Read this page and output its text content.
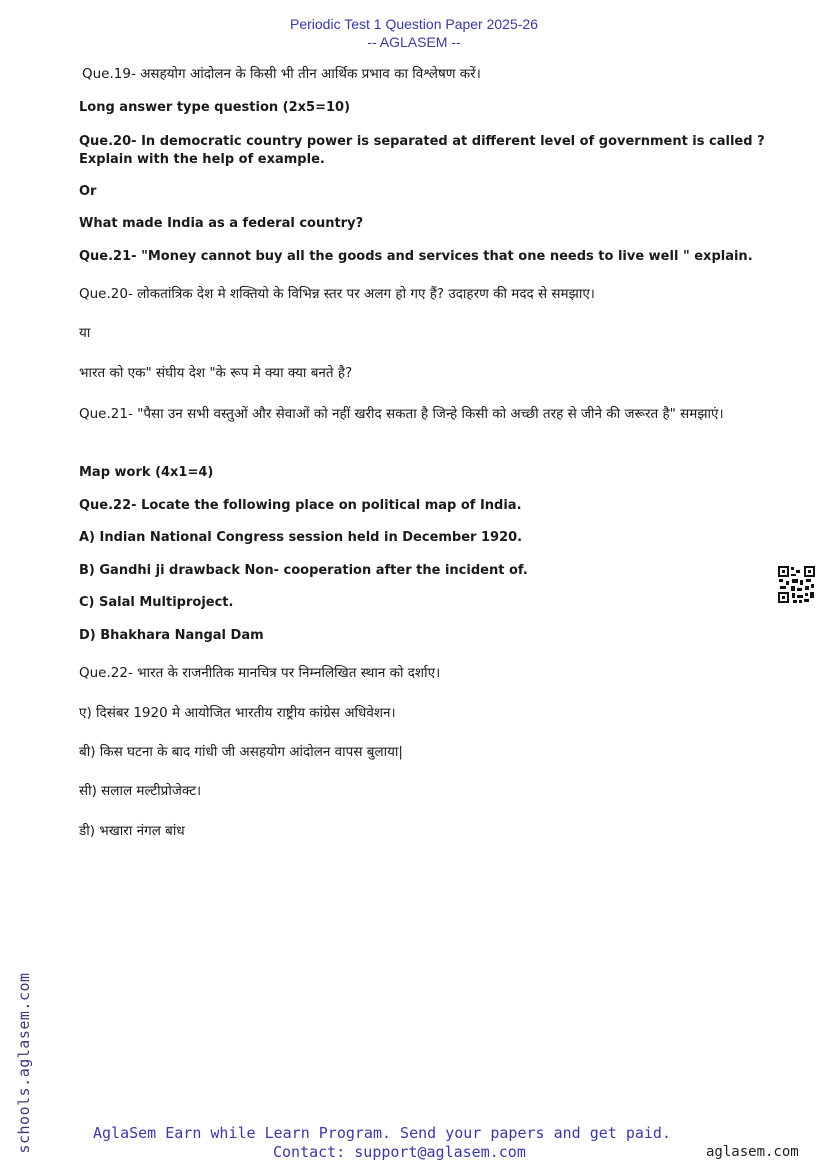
Periodic Test 1 Question Paper 2025-26
-- AGLASEM --
Que.19- असहयोग आंदोलन के किसी भी तीन आर्थिक प्रभाव का विश्लेषण करें।
Long answer type question (2x5=10)
Que.20- In democratic country power is separated at different level of government is called ? Explain with the help of example.
Or
What made India as a federal country?
Que.21- "Money cannot buy all the goods and services that one needs to live well " explain.
Que.20- लोकतांत्रिक देश मे शक्तियो के विभिन्न स्तर पर अलग हो गए हैं? उदाहरण की मदद से समझाए।
या
भारत को एक" संघीय देश "के रूप मे क्या क्या बनते है?
Que.21- "पैसा उन सभी वस्तुओं और सेवाओं को नहीं खरीद सकता है जिन्हे किसी को अच्छी तरह से जीने की जरूरत है" समझाएं।
Map work (4x1=4)
Que.22- Locate the following place on political map of India.
A) Indian National Congress session held in December 1920.
B) Gandhi ji drawback Non- cooperation after the incident of.
C) Salal Multiproject.
D) Bhakhara Nangal Dam
Que.22- भारत के राजनीतिक मानचित्र पर निम्नलिखित स्थान को दर्शाए।
ए) दिसंबर 1920 मे आयोजित भारतीय राष्ट्रीय कांग्रेस अधिवेशन।
बी) किस घटना के बाद गांधी जी असहयोग आंदोलन वापस बुलाया|
सी) सलाल मल्टीप्रोजेक्ट।
डी) भखारा नंगल बांध
schools.aglasem.com	AglaSem Earn while Learn Program. Send your papers and get paid.
Contact: support@aglasem.com	aglasem.com
